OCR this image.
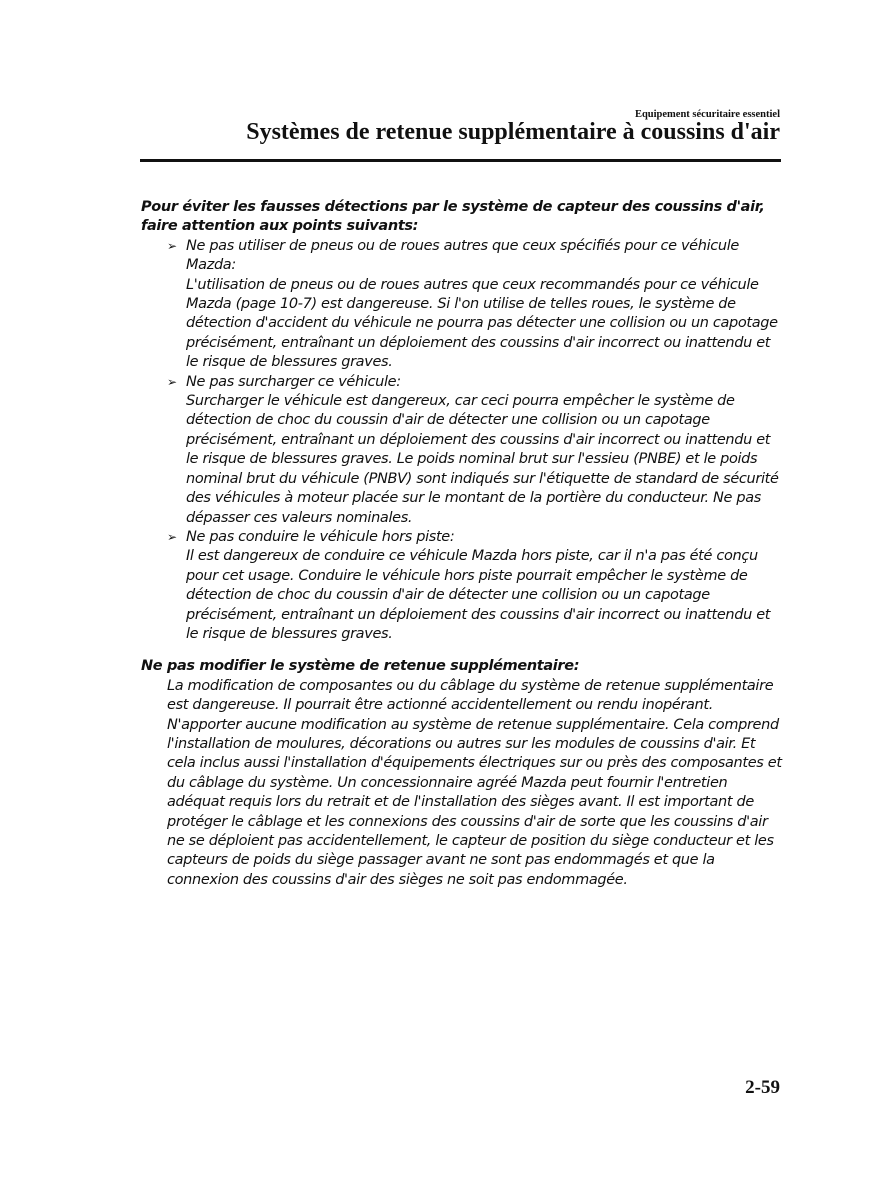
Equipement sécuritaire essentiel
Systèmes de retenue supplémentaire à coussins d'air

Pour éviter les fausses détections par le système de capteur des coussins d'air, faire attention aux points suivants:

➢ Ne pas utiliser de pneus ou de roues autres que ceux spécifiés pour ce véhicule Mazda:

L'utilisation de pneus ou de roues autres que ceux recommandés pour ce véhicule Mazda (page 10-7) est dangereuse. Si l'on utilise de telles roues, le système de détection d'accident du véhicule ne pourra pas détecter une collision ou un capotage précisément, entraînant un déploiement des coussins d'air incorrect ou inattendu et le risque de blessures graves.

➢ Ne pas surcharger ce véhicule:

Surcharger le véhicule est dangereux, car ceci pourra empêcher le système de détection de choc du coussin d'air de détecter une collision ou un capotage précisément, entraînant un déploiement des coussins d'air incorrect ou inattendu et le risque de blessures graves. Le poids nominal brut sur l'essieu (PNBE) et le poids nominal brut du véhicule (PNBV) sont indiqués sur l'étiquette de standard de sécurité des véhicules à moteur placée sur le montant de la portière du conducteur. Ne pas dépasser ces valeurs nominales.

➢ Ne pas conduire le véhicule hors piste:

Il est dangereux de conduire ce véhicule Mazda hors piste, car il n'a pas été conçu pour cet usage. Conduire le véhicule hors piste pourrait empêcher le système de détection de choc du coussin d'air de détecter une collision ou un capotage précisément, entraînant un déploiement des coussins d'air incorrect ou inattendu et le risque de blessures graves.

Ne pas modifier le système de retenue supplémentaire:

La modification de composantes ou du câblage du système de retenue supplémentaire est dangereuse. Il pourrait être actionné accidentellement ou rendu inopérant. N'apporter aucune modification au système de retenue supplémentaire. Cela comprend l'installation de moulures, décorations ou autres sur les modules de coussins d'air. Et cela inclus aussi l'installation d'équipements électriques sur ou près des composantes et du câblage du système. Un concessionnaire agréé Mazda peut fournir l'entretien adéquat requis lors du retrait et de l'installation des sièges avant. Il est important de protéger le câblage et les connexions des coussins d'air de sorte que les coussins d'air ne se déploient pas accidentellement, le capteur de position du siège conducteur et les capteurs de poids du siège passager avant ne sont pas endommagés et que la connexion des coussins d'air des sièges ne soit pas endommagée.

2-59
